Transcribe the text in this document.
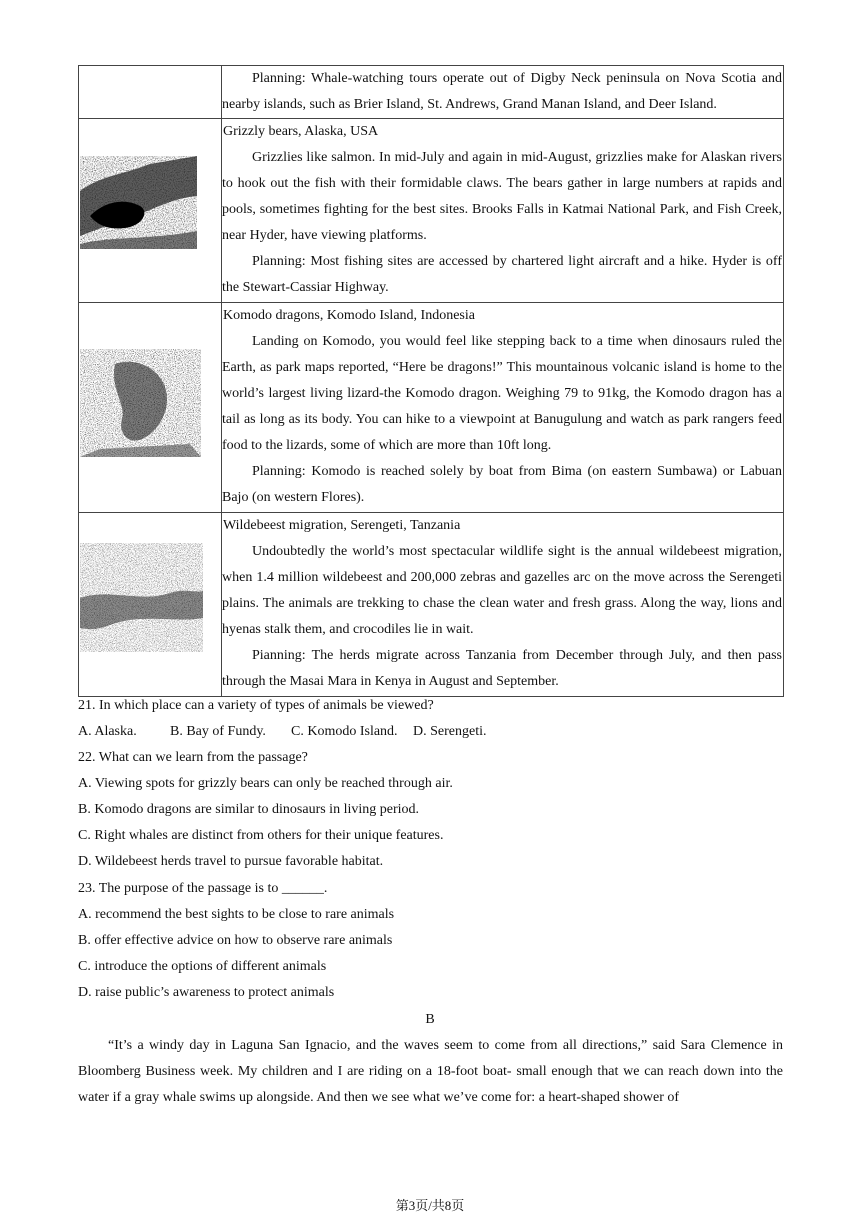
	Planning: Whale-watching tours operate out of Digby Neck peninsula on Nova Scotia and nearby islands, such as Brier Island, St. Andrews, Grand Manan Island, and Deer Island.

Grizzly bears, Alaska, USA
Grizzlies like salmon. In mid-July and again in mid-August, grizzlies make for Alaskan rivers to hook out the fish with their formidable claws. The bears gather in large numbers at rapids and pools, sometimes fighting for the best sites. Brooks Falls in Katmai National Park, and Fish Creek, near Hyder, have viewing platforms.
Planning: Most fishing sites are accessed by chartered light aircraft and a hike. Hyder is off the Stewart-Cassiar Highway.

Komodo dragons, Komodo Island, Indonesia
Landing on Komodo, you would feel like stepping back to a time when dinosaurs ruled the Earth, as park maps reported, “Here be dragons!” This mountainous volcanic island is home to the world’s largest living lizard-the Komodo dragon. Weighing 79 to 91kg, the Komodo dragon has a tail as long as its body. You can hike to a viewpoint at Banugulung and watch as park rangers feed food to the lizards, some of which are more than 10ft long.
Planning: Komodo is reached solely by boat from Bima (on eastern Sumbawa) or Labuan Bajo (on western Flores).

Wildebeest migration, Serengeti, Tanzania
Undoubtedly the world’s most spectacular wildlife sight is the annual wildebeest migration, when 1.4 million wildebeest and 200,000 zebras and gazelles arc on the move across the Serengeti plains. The animals are trekking to chase the clean water and fresh grass. Along the way, lions and hyenas stalk them, and crocodiles lie in wait.
Pianning: The herds migrate across Tanzania from December through July, and then pass through the Masai Mara in Kenya in August and September.
21. In which place can a variety of types of animals be viewed?
A. Alaska. B. Bay of Fundy. C. Komodo Island. D. Serengeti.
22. What can we learn from the passage?
A. Viewing spots for grizzly bears can only be reached through air.
B. Komodo dragons are similar to dinosaurs in living period.
C. Right whales are distinct from others for their unique features.
D. Wildebeest herds travel to pursue favorable habitat.
23. The purpose of the passage is to ______.
A. recommend the best sights to be close to rare animals
B. offer effective advice on how to observe rare animals
C. introduce the options of different animals
D. raise public’s awareness to protect animals
B
“It’s a windy day in Laguna San Ignacio, and the waves seem to come from all directions,” said Sara Clemence in Bloomberg Business week. My children and I are riding on a 18-foot boat- small enough that we can reach down into the water if a gray whale swims up alongside. And then we see what we’ve come for: a heart-shaped shower of
第3页/共8页
